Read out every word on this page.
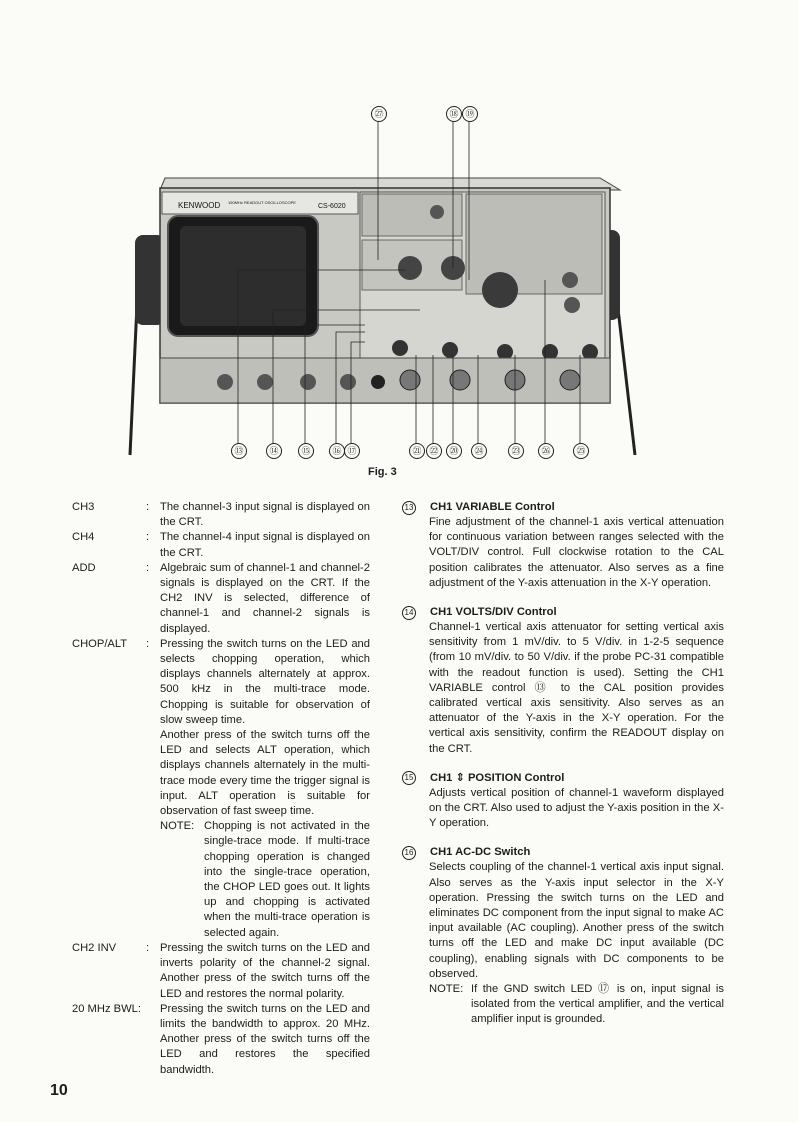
KENWOOD 150MHz READOUT OSCILLOSCOPE
CS-6020
㉗	⑱ ⑲
⑬	⑭	⑮	⑯ ⑰	㉑ ㉒	⑳	㉔	㉓	㉖	㉕
Fig. 3
CH3	: The channel-3 input signal is displayed on the CRT.

CH4	: The channel-4 input signal is displayed on the CRT.

ADD	: Algebraic sum of channel-1 and channel-2 signals is displayed on the CRT. If the CH2 INV is selected, difference of channel-1 and channel-2 signals is displayed.

CHOP/ALT	: Pressing the switch turns on the LED and selects chopping operation, which displays channels alternately at approx. 500 kHz in the multi-trace mode. Chopping is suitable for observation of slow sweep time.

Another press of the switch turns off the LED and selects ALT operation, which displays channels alternately in the multi-trace mode every time the trigger signal is input. ALT operation is suitable for observation of fast sweep time.

NOTE: Chopping is not activated in the single-trace mode. If multi-trace chopping operation is changed into the single-trace operation, the CHOP LED goes out. It lights up and chopping is activated when the multi-trace operation is selected again.
CH2 INV	: Pressing the switch turns on the LED and inverts polarity of the channel-2 signal. Another press of the switch turns off the LED and restores the normal polarity.

20 MHz BWL:	Pressing the switch turns on the LED and limits the bandwidth to approx. 20 MHz. Another press of the switch turns off the LED and restores the specified bandwidth.

13 CH1 VARIABLE Control
Fine adjustment of the channel-1 axis vertical attenuation for continuous variation between ranges selected with the VOLT/DIV control. Full clockwise rotation to the CAL position calibrates the attenuator. Also serves as a fine adjustment of the Y-axis attenuation in the X-Y operation.
14 CH1 VOLTS/DIV Control
Channel-1 vertical axis attenuator for setting vertical axis sensitivity from 1 mV/div. to 5 V/div. in 1-2-5 sequence (from 10 mV/div. to 50 V/div. if the probe PC-31 compatible with the readout function is used). Setting the CH1 VARIABLE control ⑬ to the CAL position provides calibrated vertical axis sensitivity. Also serves as an attenuator of the Y-axis in the X-Y operation. For the vertical axis sensitivity, confirm the READOUT display on the CRT.
15 CH1 ⇕ POSITION Control
Adjusts vertical position of channel-1 waveform displayed on the CRT. Also used to adjust the Y-axis position in the X-Y operation.
16 CH1 AC-DC Switch
Selects coupling of the channel-1 vertical axis input signal. Also serves as the Y-axis input selector in the X-Y operation. Pressing the switch turns on the LED and eliminates DC component from the input signal to make AC input available (AC coupling). Another press of the switch turns off the LED and make DC input available (DC coupling), enabling signals with DC components to be observed.
NOTE: If the GND switch LED ⑰ is on, input signal is isolated from the vertical amplifier, and the vertical amplifier input is grounded.
10
